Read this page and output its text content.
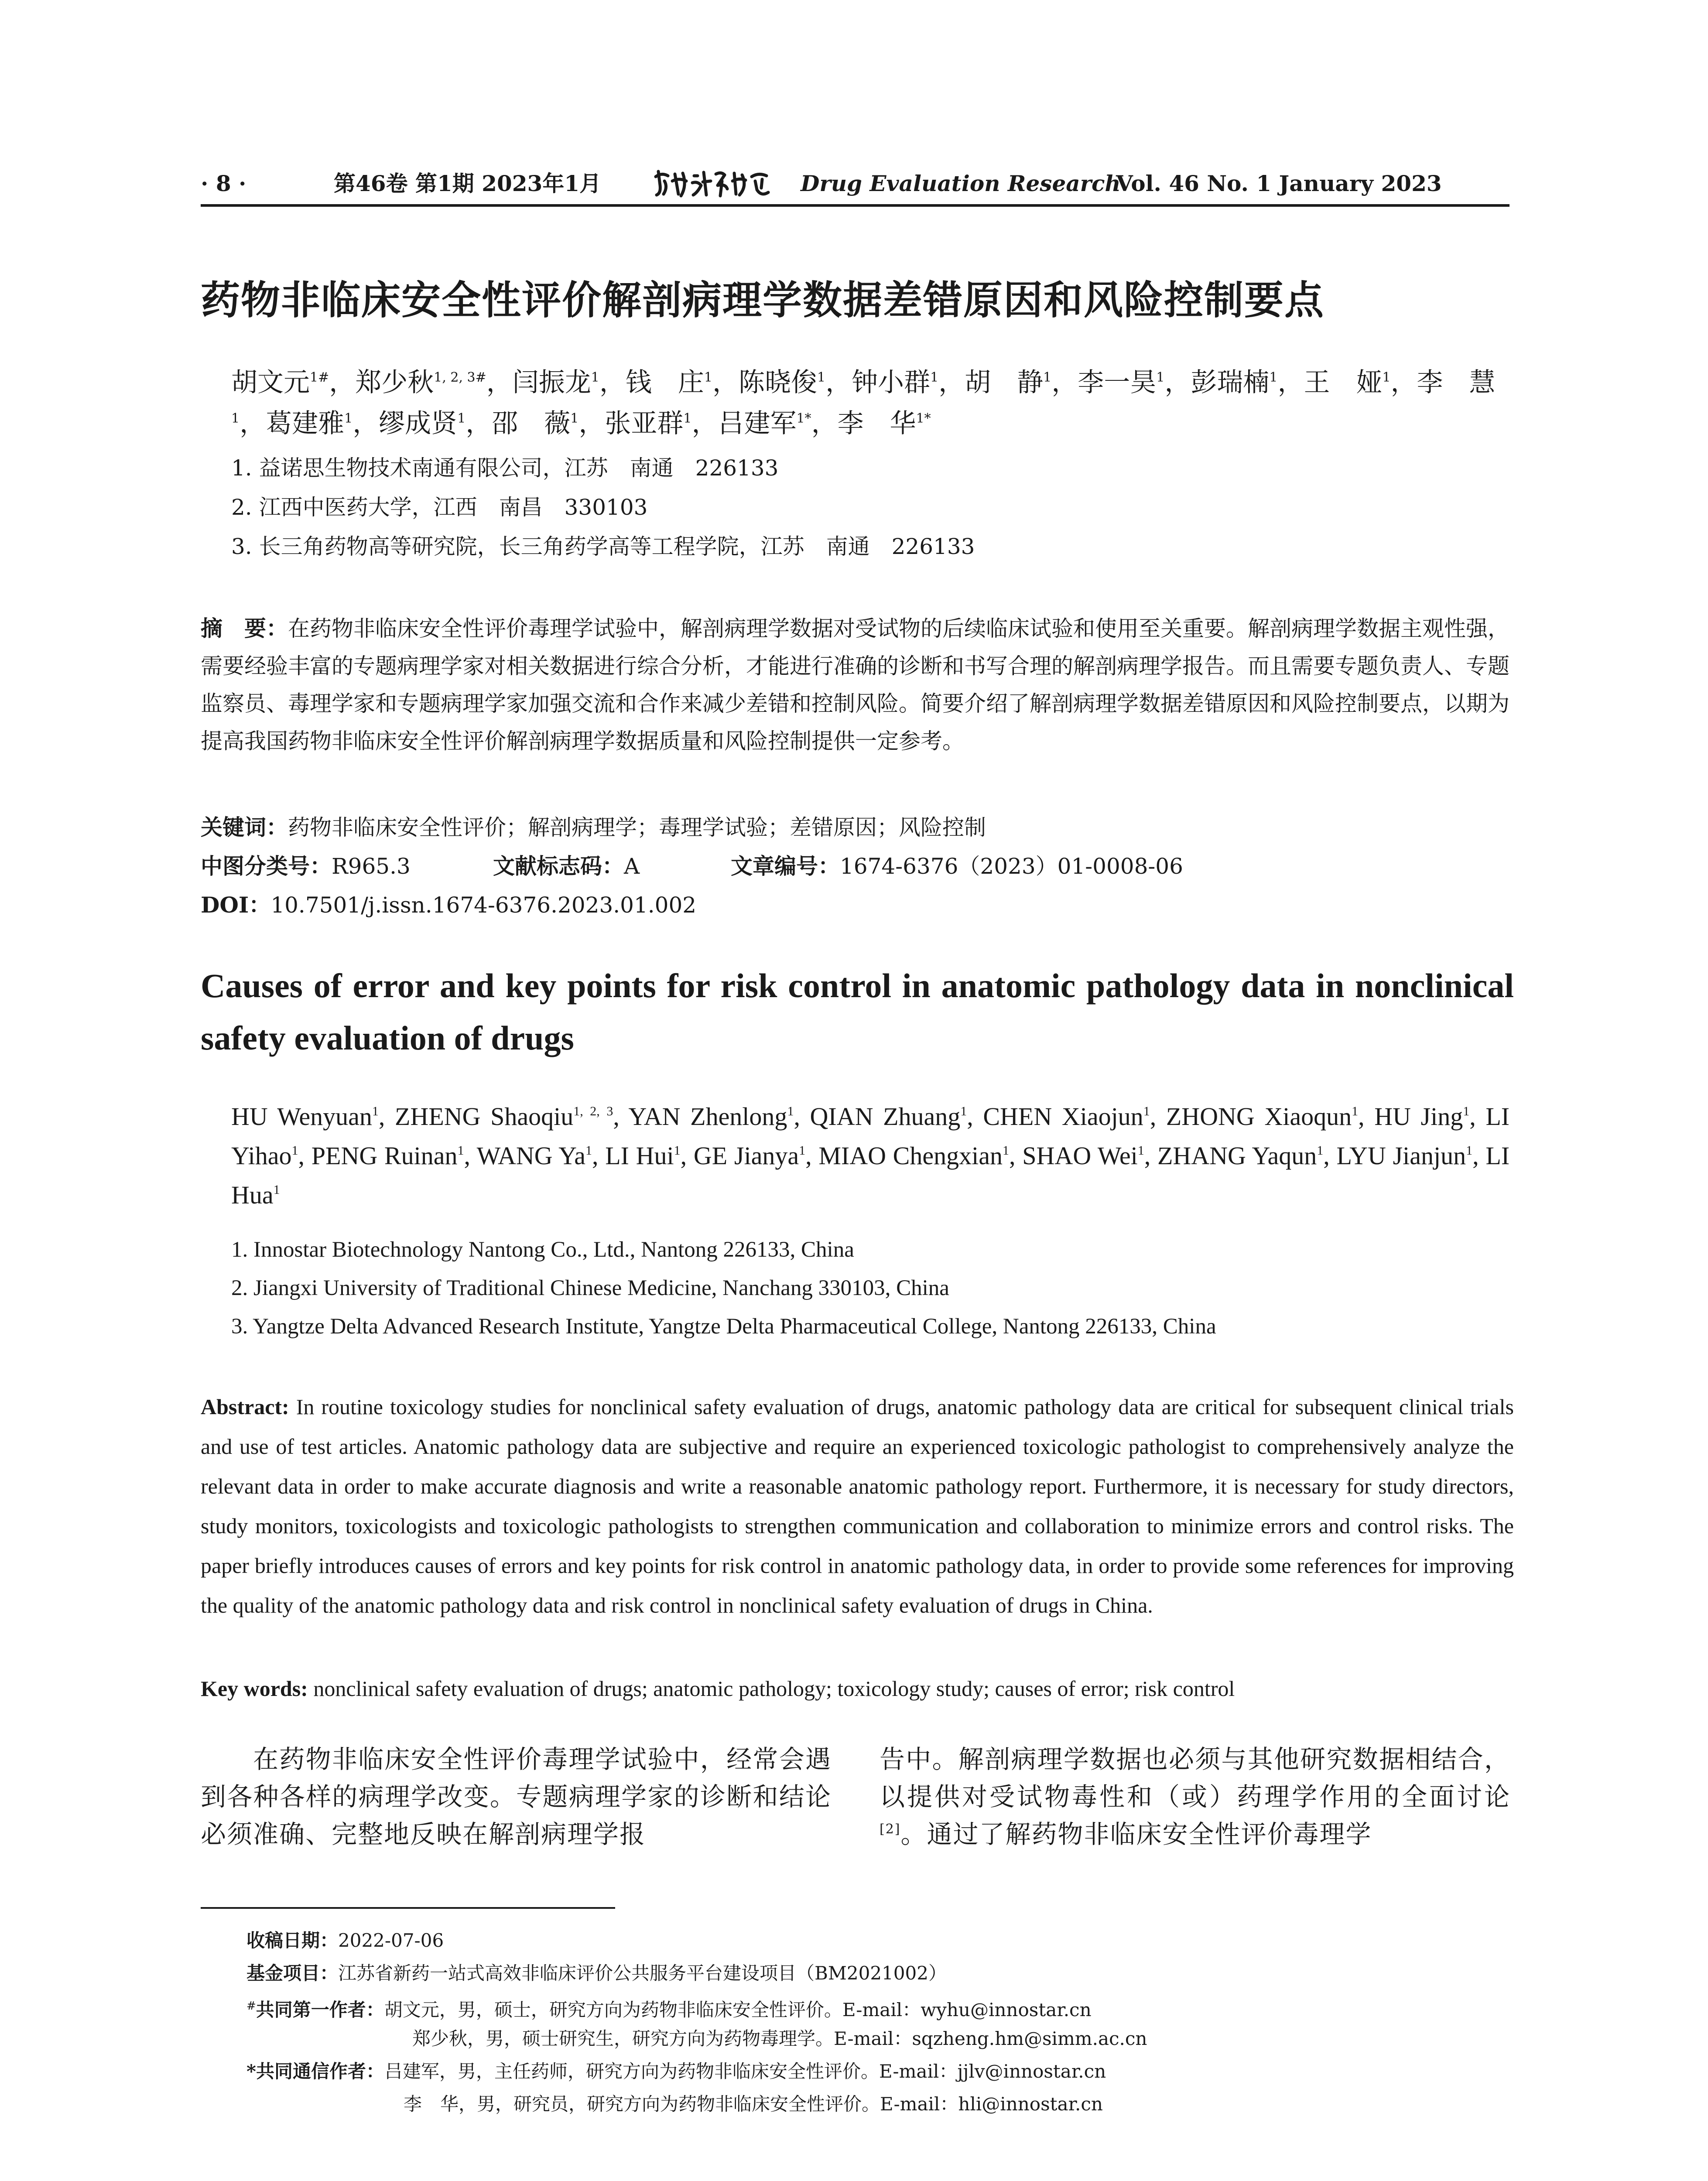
· 8 ·	第46卷 第1期 2023年1月	Drug Evaluation Research
Vol. 46 No. 1 January 2023
药物非临床安全性评价解剖病理学数据差错原因和风险控制要点
胡文元$^{1\#}$，郑少秋$^{1, 2, 3\#}$，闫振龙$^1$，钱　庄$^1$，陈晓俊$^1$，钟小群$^1$，胡　静$^1$，李一昊$^1$，彭瑞楠$^1$，王　娅$^1$，李　慧$^1$，葛建雅$^1$，缪成贤$^1$，邵　薇$^1$，张亚群$^1$，吕建军$^{1*}$，李　华$^{1*}$
1. 益诺思生物技术南通有限公司，江苏　南通　226133
2. 江西中医药大学，江西　南昌　330103
3. 长三角药物高等研究院，长三角药学高等工程学院，江苏　南通　226133
摘　要：在药物非临床安全性评价毒理学试验中，解剖病理学数据对受试物的后续临床试验和使用至关重要。解剖病理学数据主观性强，需要经验丰富的专题病理学家对相关数据进行综合分析，才能进行准确的诊断和书写合理的解剖病理学报告。而且需要专题负责人、专题监察员、毒理学家和专题病理学家加强交流和合作来减少差错和控制风险。简要介绍了解剖病理学数据差错原因和风险控制要点，以期为提高我国药物非临床安全性评价解剖病理学数据质量和风险控制提供一定参考。
关键词：药物非临床安全性评价；解剖病理学；毒理学试验；差错原因；风险控制
中图分类号：R965.3	文献标志码：A	文章编号：1674-6376（2023）01-0008-06
DOI：10.7501/j.issn.1674-6376.2023.01.002
Causes of error and key points for risk control in anatomic pathology data in nonclinical safety evaluation of drugs
HU Wenyuan$^1$, ZHENG Shaoqiu$^{1, 2, 3}$, YAN Zhenlong$^1$, QIAN Zhuang$^1$, CHEN Xiaojun$^1$, ZHONG Xiaoqun$^1$, HU Jing$^1$, LI Yihao$^1$, PENG Ruinan$^1$, WANG Ya$^1$, LI Hui$^1$, GE Jianya$^1$, MIAO Chengxian$^1$, SHAO Wei$^1$, ZHANG Yaqun$^1$, LYU Jianjun$^1$, LI Hua$^1$
1. Innostar Biotechnology Nantong Co., Ltd., Nantong 226133, China
2. Jiangxi University of Traditional Chinese Medicine, Nanchang 330103, China
3. Yangtze Delta Advanced Research Institute, Yangtze Delta Pharmaceutical College, Nantong 226133, China
Abstract: In routine toxicology studies for nonclinical safety evaluation of drugs, anatomic pathology data are critical for subsequent clinical trials and use of test articles. Anatomic pathology data are subjective and require an experienced toxicologic pathologist to comprehensively analyze the relevant data in order to make accurate diagnosis and write a reasonable anatomic pathology report. Furthermore, it is necessary for study directors, study monitors, toxicologists and toxicologic pathologists to strengthen communication and collaboration to minimize errors and control risks. The paper briefly introduces causes of errors and key points for risk control in anatomic pathology data, in order to provide some references for improving the quality of the anatomic pathology data and risk control in nonclinical safety evaluation of drugs in China.
Key words: nonclinical safety evaluation of drugs; anatomic pathology; toxicology study; causes of error; risk control
在药物非临床安全性评价毒理学试验中，经常会遇到各种各样的病理学改变。专题病理学家的诊断和结论必须准确、完整地反映在解剖病理学报
告中。解剖病理学数据也必须与其他研究数据相结合，以提供对受试物毒性和（或）药理学作用的全面讨论[2]。通过了解药物非临床安全性评价毒理学
收稿日期：2022-07-06
基金项目：江苏省新药一站式高效非临床评价公共服务平台建设项目（BM2021002）
#共同第一作者：胡文元，男，硕士，研究方向为药物非临床安全性评价。E-mail：wyhu@innostar.cn
郑少秋，男，硕士研究生，研究方向为药物毒理学。E-mail：sqzheng.hm@simm.ac.cn
*共同通信作者：吕建军，男，主任药师，研究方向为药物非临床安全性评价。E-mail：jjlv@innostar.cn
李　华，男，研究员，研究方向为药物非临床安全性评价。E-mail：hli@innostar.cn
